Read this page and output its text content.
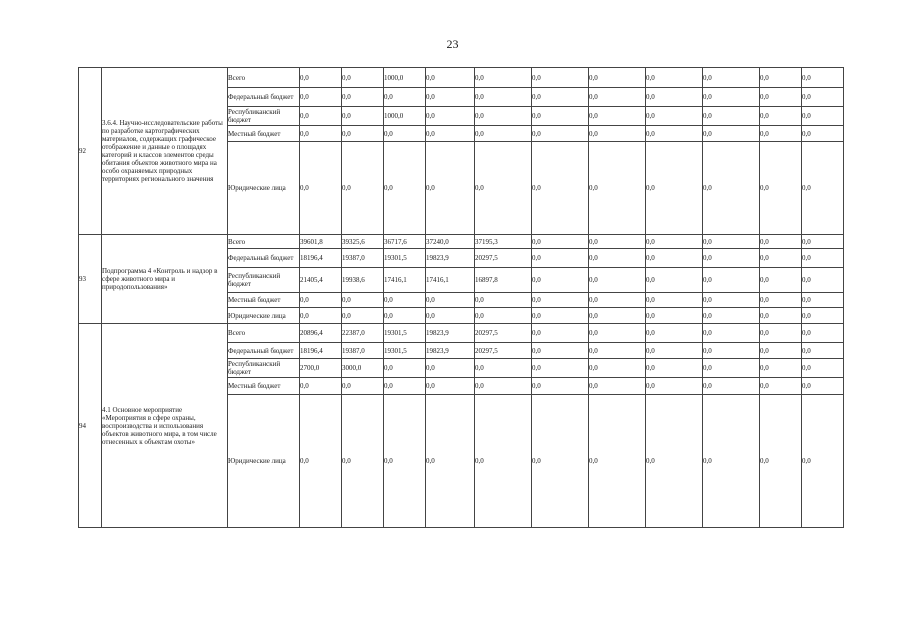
23
92	3.6.4. Научно-исследовательские работы по разработке картографических материалов, содержащих графическое отображение и данные о площадях категорий и классов элементов среды обитания объектов животного мира на особо охраняемых природных территориях регионального значения	Всего	0,0	0,0	1000,0	0,0	0,0	0,0	0,0	0,0	0,0	0,0	0,0
		Федеральный бюджет	0,0	0,0	0,0	0,0	0,0	0,0	0,0	0,0	0,0	0,0	0,0
		Республиканский бюджет	0,0	0,0	1000,0	0,0	0,0	0,0	0,0	0,0	0,0	0,0	0,0
		Местный бюджет	0,0	0,0	0,0	0,0	0,0	0,0	0,0	0,0	0,0	0,0	0,0
		Юридические лица	0,0	0,0	0,0	0,0	0,0	0,0	0,0	0,0	0,0	0,0	0,0
93	Подпрограмма 4 «Контроль и надзор в сфере животного мира и природопользования»	Всего	39601,8	39325,6	36717,6	37240,0	37195,3	0,0	0,0	0,0	0,0	0,0	0,0
		Федеральный бюджет	18196,4	19387,0	19301,5	19823,9	20297,5	0,0	0,0	0,0	0,0	0,0	0,0
		Республиканский бюджет	21405,4	19938,6	17416,1	17416,1	16897,8	0,0	0,0	0,0	0,0	0,0	0,0
		Местный бюджет	0,0	0,0	0,0	0,0	0,0	0,0	0,0	0,0	0,0	0,0	0,0
		Юридические лица	0,0	0,0	0,0	0,0	0,0	0,0	0,0	0,0	0,0	0,0	0,0
94	4.1 Основное мероприятие «Мероприятия в сфере охраны, воспроизводства и использования объектов животного мира, в том числе отнесенных к объектам охоты»	Всего	20896,4	22387,0	19301,5	19823,9	20297,5	0,0	0,0	0,0	0,0	0,0	0,0
		Федеральный бюджет	18196,4	19387,0	19301,5	19823,9	20297,5	0,0	0,0	0,0	0,0	0,0	0,0
		Республиканский бюджет	2700,0	3000,0	0,0	0,0	0,0	0,0	0,0	0,0	0,0	0,0	0,0
		Местный бюджет	0,0	0,0	0,0	0,0	0,0	0,0	0,0	0,0	0,0	0,0	0,0
		Юридические лица	0,0	0,0	0,0	0,0	0,0	0,0	0,0	0,0	0,0	0,0	0,0
